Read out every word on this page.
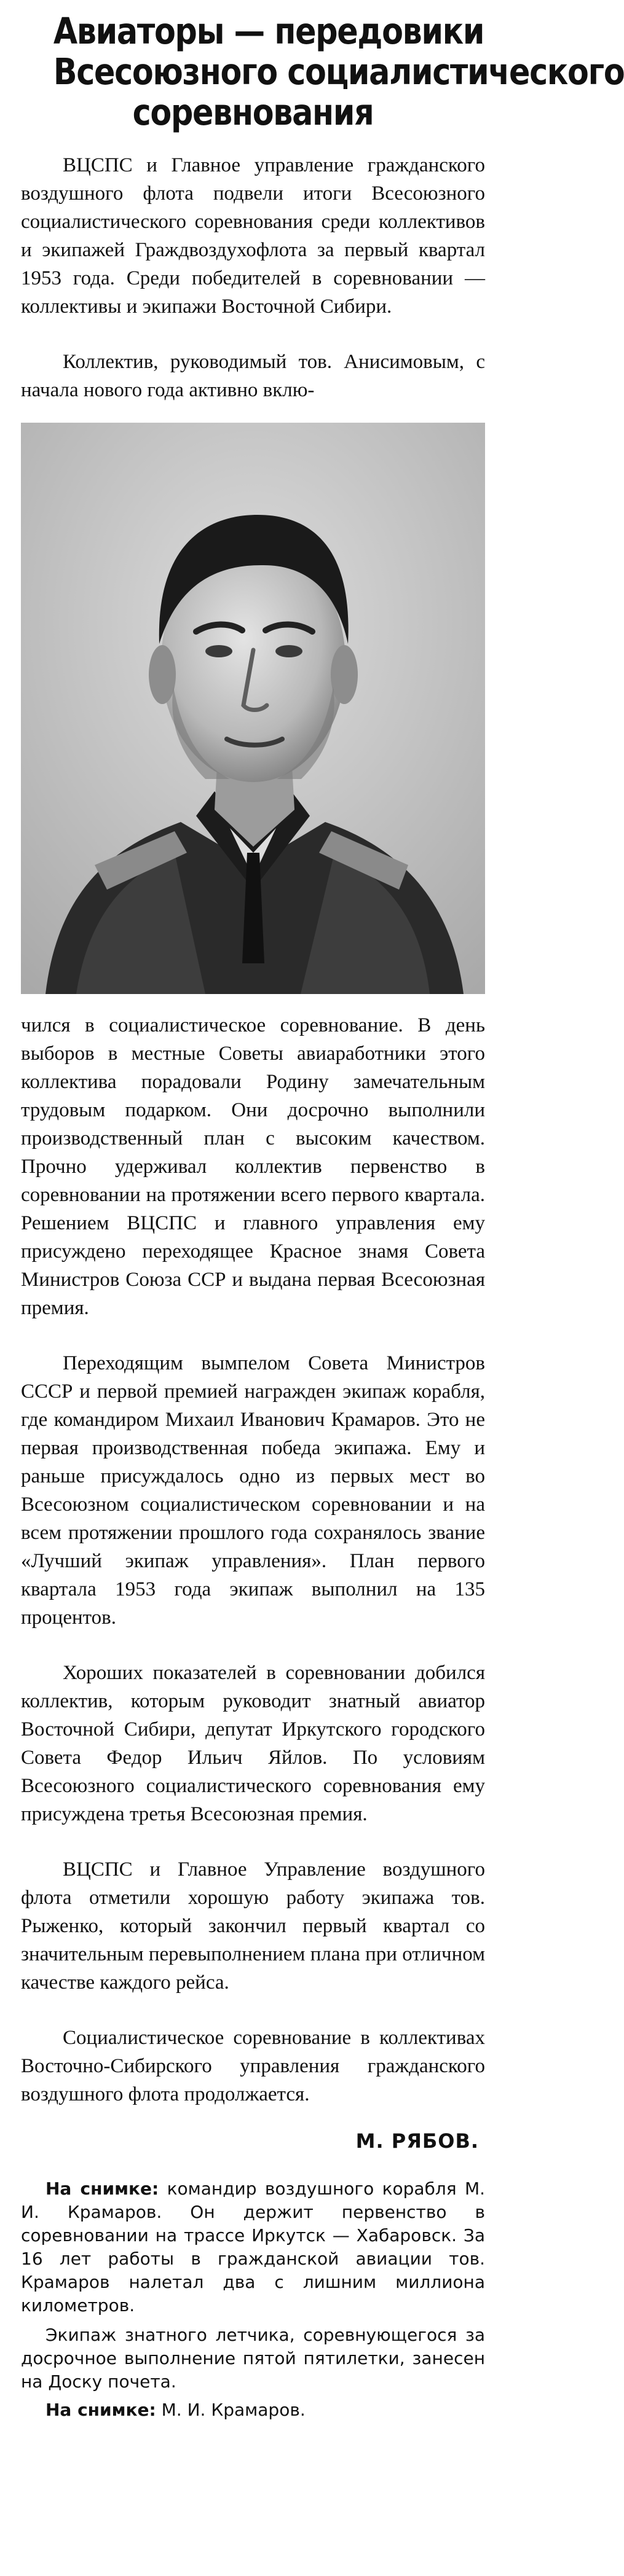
Авиаторы — передовики
Всесоюзного социалистического
соревнования

ВЦСПС и Главное управление гражданского воздушного флота подвели итоги Всесоюзного социалистического соревнования среди коллективов и экипажей Граждвоздухофлота за первый квартал 1953 года. Среди победителей в соревновании — коллективы и экипажи Восточной Сибири.

Коллектив, руководимый тов. Анисимовым, с начала нового года активно вклю-

чился в социалистическое соревнование. В день выборов в местные Советы авиаработники этого коллектива порадовали Родину замечательным трудовым подарком. Они досрочно выполнили производственный план с высоким качеством. Прочно удерживал коллектив первенство в соревновании на протяжении всего первого квартала. Решением ВЦСПС и главного управления ему присуждено переходящее Красное знамя Совета Министров Союза ССР и выдана первая Всесоюзная премия.

Переходящим вымпелом Совета Министров СССР и первой премией награжден экипаж корабля, где командиром Михаил Иванович Крамаров. Это не первая производственная победа экипажа. Ему и раньше присуждалось одно из первых мест во Всесоюзном социалистическом соревновании и на всем протяжении прошлого года сохранялось звание «Лучший экипаж управления». План первого квартала 1953 года экипаж выполнил на 135 процентов.

Хороших показателей в соревновании добился коллектив, которым руководит знатный авиатор Восточной Сибири, депутат Иркутского городского Совета Федор Ильич Яйлов. По условиям Всесоюзного социалистического соревнования ему присуждена третья Всесоюзная премия.

ВЦСПС и Главное Управление воздушного флота отметили хорошую работу экипажа тов. Рыженко, который закончил первый квартал со значительным перевыполнением плана при отличном качестве каждого рейса.

Социалистическое соревнование в коллективах Восточно-Сибирского управления гражданского воздушного флота продолжается.

М. РЯБОВ.

На снимке: командир воздушного корабля М. И. Крамаров. Он держит первенство в соревновании на трассе Иркутск — Хабаровск. За 16 лет работы в гражданской авиации тов. Крамаров налетал два с лишним миллиона километров.

Экипаж знатного летчика, соревнующегося за досрочное выполнение пятой пятилетки, занесен на Доску почета.

На снимке: М. И. Крамаров.
